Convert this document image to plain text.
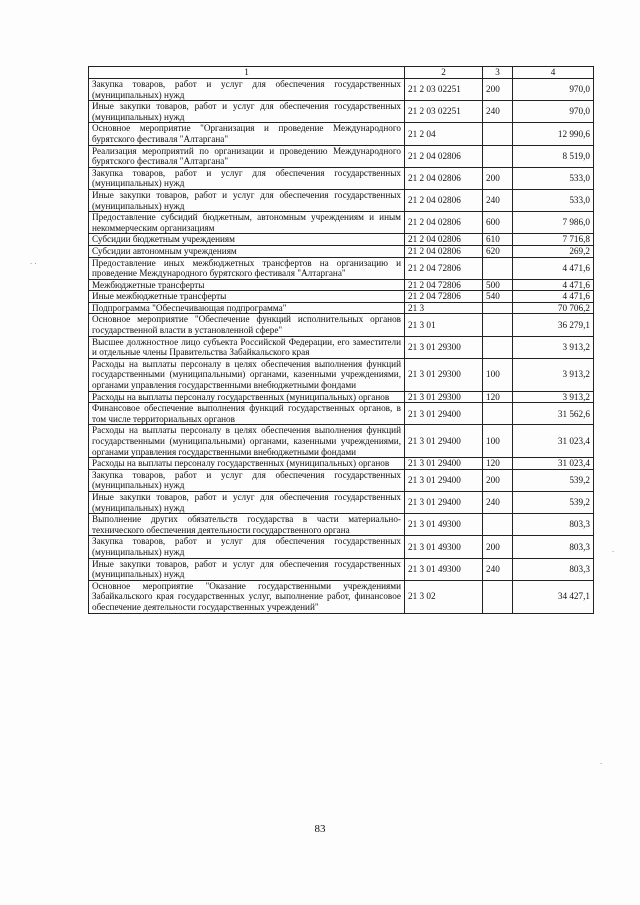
· ·
·
·
1	2	3	4
Закупка товаров, работ и услуг для обеспечения государственных (муниципальных) нужд	21 2 03 02251	200	970,0
Иные закупки товаров, работ и услуг для обеспечения государственных (муниципальных) нужд	21 2 03 02251	240	970,0
Основное мероприятие "Организация и проведение Международного бурятского фестиваля "Алтаргана"	21 2 04		12 990,6
Реализация мероприятий по организации и проведению Международного бурятского фестиваля "Алтаргана"	21 2 04 02806		8 519,0
Закупка товаров, работ и услуг для обеспечения государственных (муниципальных) нужд	21 2 04 02806	200	533,0
Иные закупки товаров, работ и услуг для обеспечения государственных (муниципальных) нужд	21 2 04 02806	240	533,0
Предоставление субсидий бюджетным, автономным учреждениям и иным некоммерческим организациям	21 2 04 02806	600	7 986,0
Субсидии бюджетным учреждениям	21 2 04 02806	610	7 716,8
Субсидии автономным учреждениям	21 2 04 02806	620	269,2
Предоставление иных межбюджетных трансфертов на организацию и проведение Международного бурятского фестиваля "Алтаргана"	21 2 04 72806		4 471,6
Межбюджетные трансферты	21 2 04 72806	500	4 471,6
Иные межбюджетные трансферты	21 2 04 72806	540	4 471,6
Подпрограмма "Обеспечивающая подпрограмма"	21 3		70 706,2
Основное мероприятие "Обеспечение функций исполнительных органов государственной власти в установленной сфере"	21 3 01		36 279,1
Высшее должностное лицо субъекта Российской Федерации, его заместители и отдельные члены Правительства Забайкальского края	21 3 01 29300		3 913,2
Расходы на выплаты персоналу в целях обеспечения выполнения функций государственными (муниципальными) органами, казенными учреждениями, органами управления государственными внебюджетными фондами	21 3 01 29300	100	3 913,2
Расходы на выплаты персоналу государственных (муниципальных) органов	21 3 01 29300	120	3 913,2
Финансовое обеспечение выполнения функций государственных органов, в том числе территориальных органов	21 3 01 29400		31 562,6
Расходы на выплаты персоналу в целях обеспечения выполнения функций государственными (муниципальными) органами, казенными учреждениями, органами управления государственными внебюджетными фондами	21 3 01 29400	100	31 023,4
Расходы на выплаты персоналу государственных (муниципальных) органов	21 3 01 29400	120	31 023,4
Закупка товаров, работ и услуг для обеспечения государственных (муниципальных) нужд	21 3 01 29400	200	539,2
Иные закупки товаров, работ и услуг для обеспечения государственных (муниципальных) нужд	21 3 01 29400	240	539,2
Выполнение других обязательств государства в части материально-технического обеспечения деятельности государственного органа	21 3 01 49300		803,3
Закупка товаров, работ и услуг для обеспечения государственных (муниципальных) нужд	21 3 01 49300	200	803,3
Иные закупки товаров, работ и услуг для обеспечения государственных (муниципальных) нужд	21 3 01 49300	240	803,3
Основное мероприятие "Оказание государственными учреждениями Забайкальского края государственных услуг, выполнение работ, финансовое обеспечение деятельности государственных учреждений"	21 3 02		34 427,1
83
